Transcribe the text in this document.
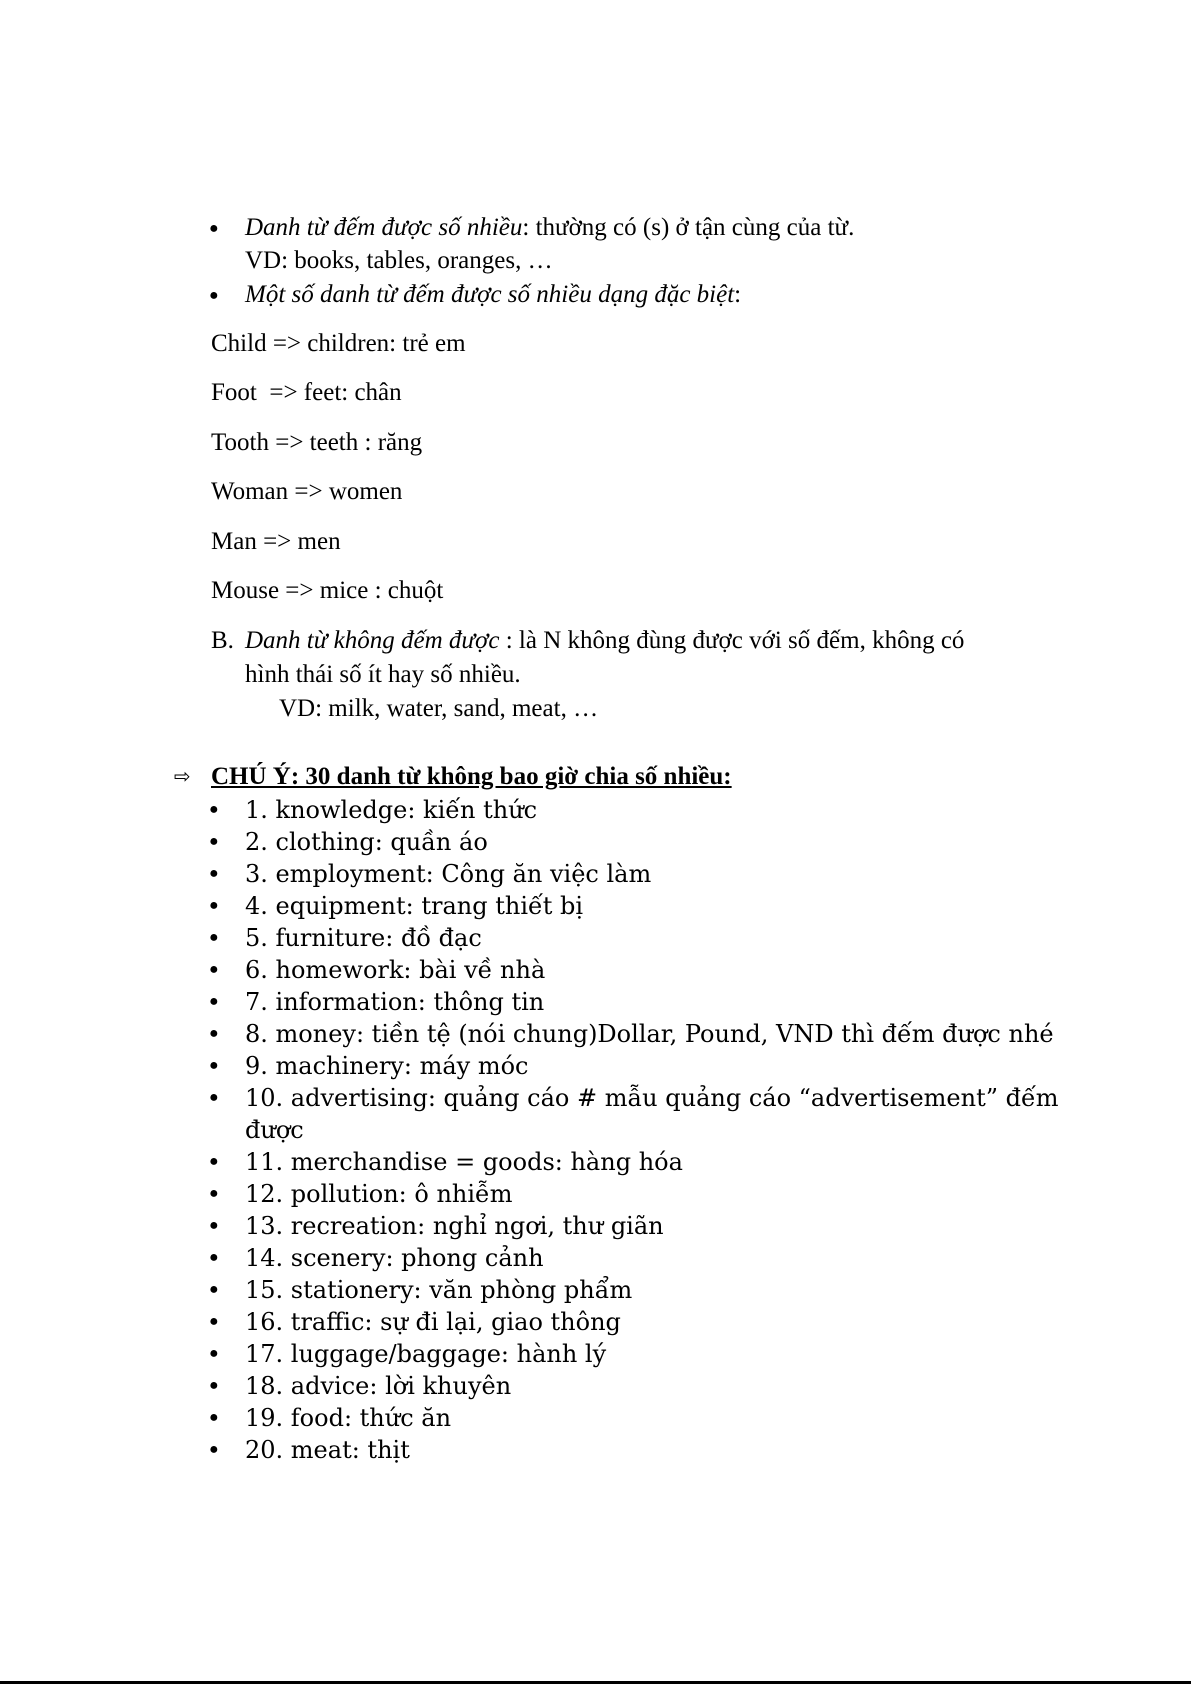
● Danh từ đếm được số nhiều: thường có (s) ở tận cùng của từ.
VD: books, tables, oranges, …
● Một số danh từ đếm được số nhiều dạng đặc biệt:
Child => children: trẻ em
Foot  => feet: chân
Tooth => teeth : răng
Woman => women
Man => men
Mouse => mice : chuột
B. Danh từ không đếm được : là N không đùng được với số đếm, không có
hình thái số ít hay số nhiều.
VD: milk, water, sand, meat, …
⇨ CHÚ Ý: 30 danh từ không bao giờ chia số nhiều:
● 1. knowledge: kiến thức
● 2. clothing: quần áo
● 3. employment: Công ăn việc làm
● 4. equipment: trang thiết bị
● 5. furniture: đồ đạc
● 6. homework: bài về nhà
● 7. information: thông tin
● 8. money: tiền tệ (nói chung)Dollar, Pound, VND thì đếm được nhé
● 9. machinery: máy móc
● 10. advertising: quảng cáo # mẫu quảng cáo “advertisement” đếm
được
● 11. merchandise = goods: hàng hóa
● 12. pollution: ô nhiễm
● 13. recreation: nghỉ ngơi, thư giãn
● 14. scenery: phong cảnh
● 15. stationery: văn phòng phẩm
● 16. traffic: sự đi lại, giao thông
● 17. luggage/baggage: hành lý
● 18. advice: lời khuyên
● 19. food: thức ăn
● 20. meat: thịt
